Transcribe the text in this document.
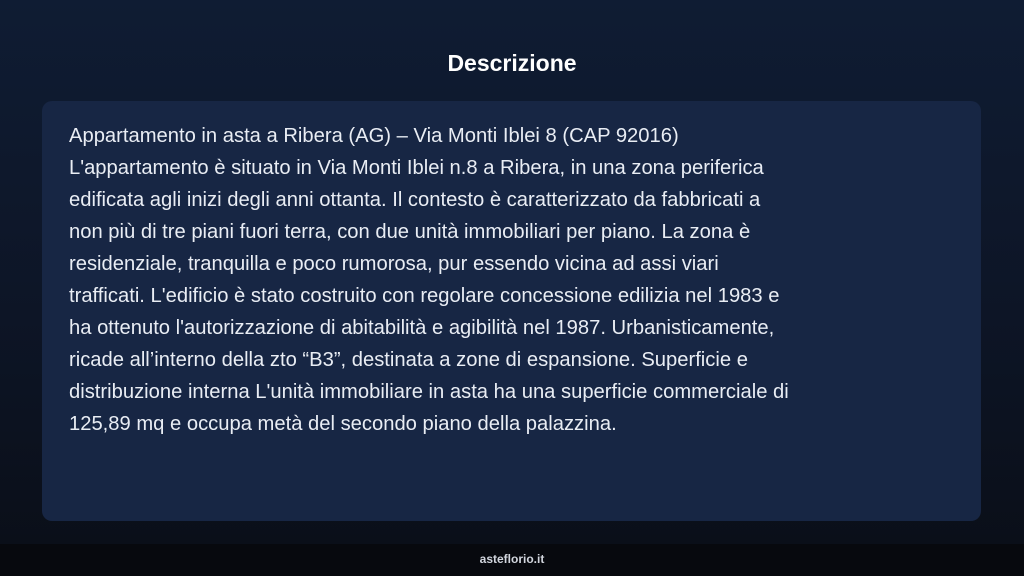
Descrizione

Appartamento in asta a Ribera (AG) – Via Monti Iblei 8 (CAP 92016)
L'appartamento è situato in Via Monti Iblei n.8 a Ribera, in una zona periferica
edificata agli inizi degli anni ottanta. Il contesto è caratterizzato da fabbricati a
non più di tre piani fuori terra, con due unità immobiliari per piano. La zona è
residenziale, tranquilla e poco rumorosa, pur essendo vicina ad assi viari
trafficati. L'edificio è stato costruito con regolare concessione edilizia nel 1983 e
ha ottenuto l'autorizzazione di abitabilità e agibilità nel 1987. Urbanisticamente,
ricade all’interno della zto “B3”, destinata a zone di espansione. Superficie e
distribuzione interna L'unità immobiliare in asta ha una superficie commerciale di
125,89 mq e occupa metà del secondo piano della palazzina.

asteflorio.it
